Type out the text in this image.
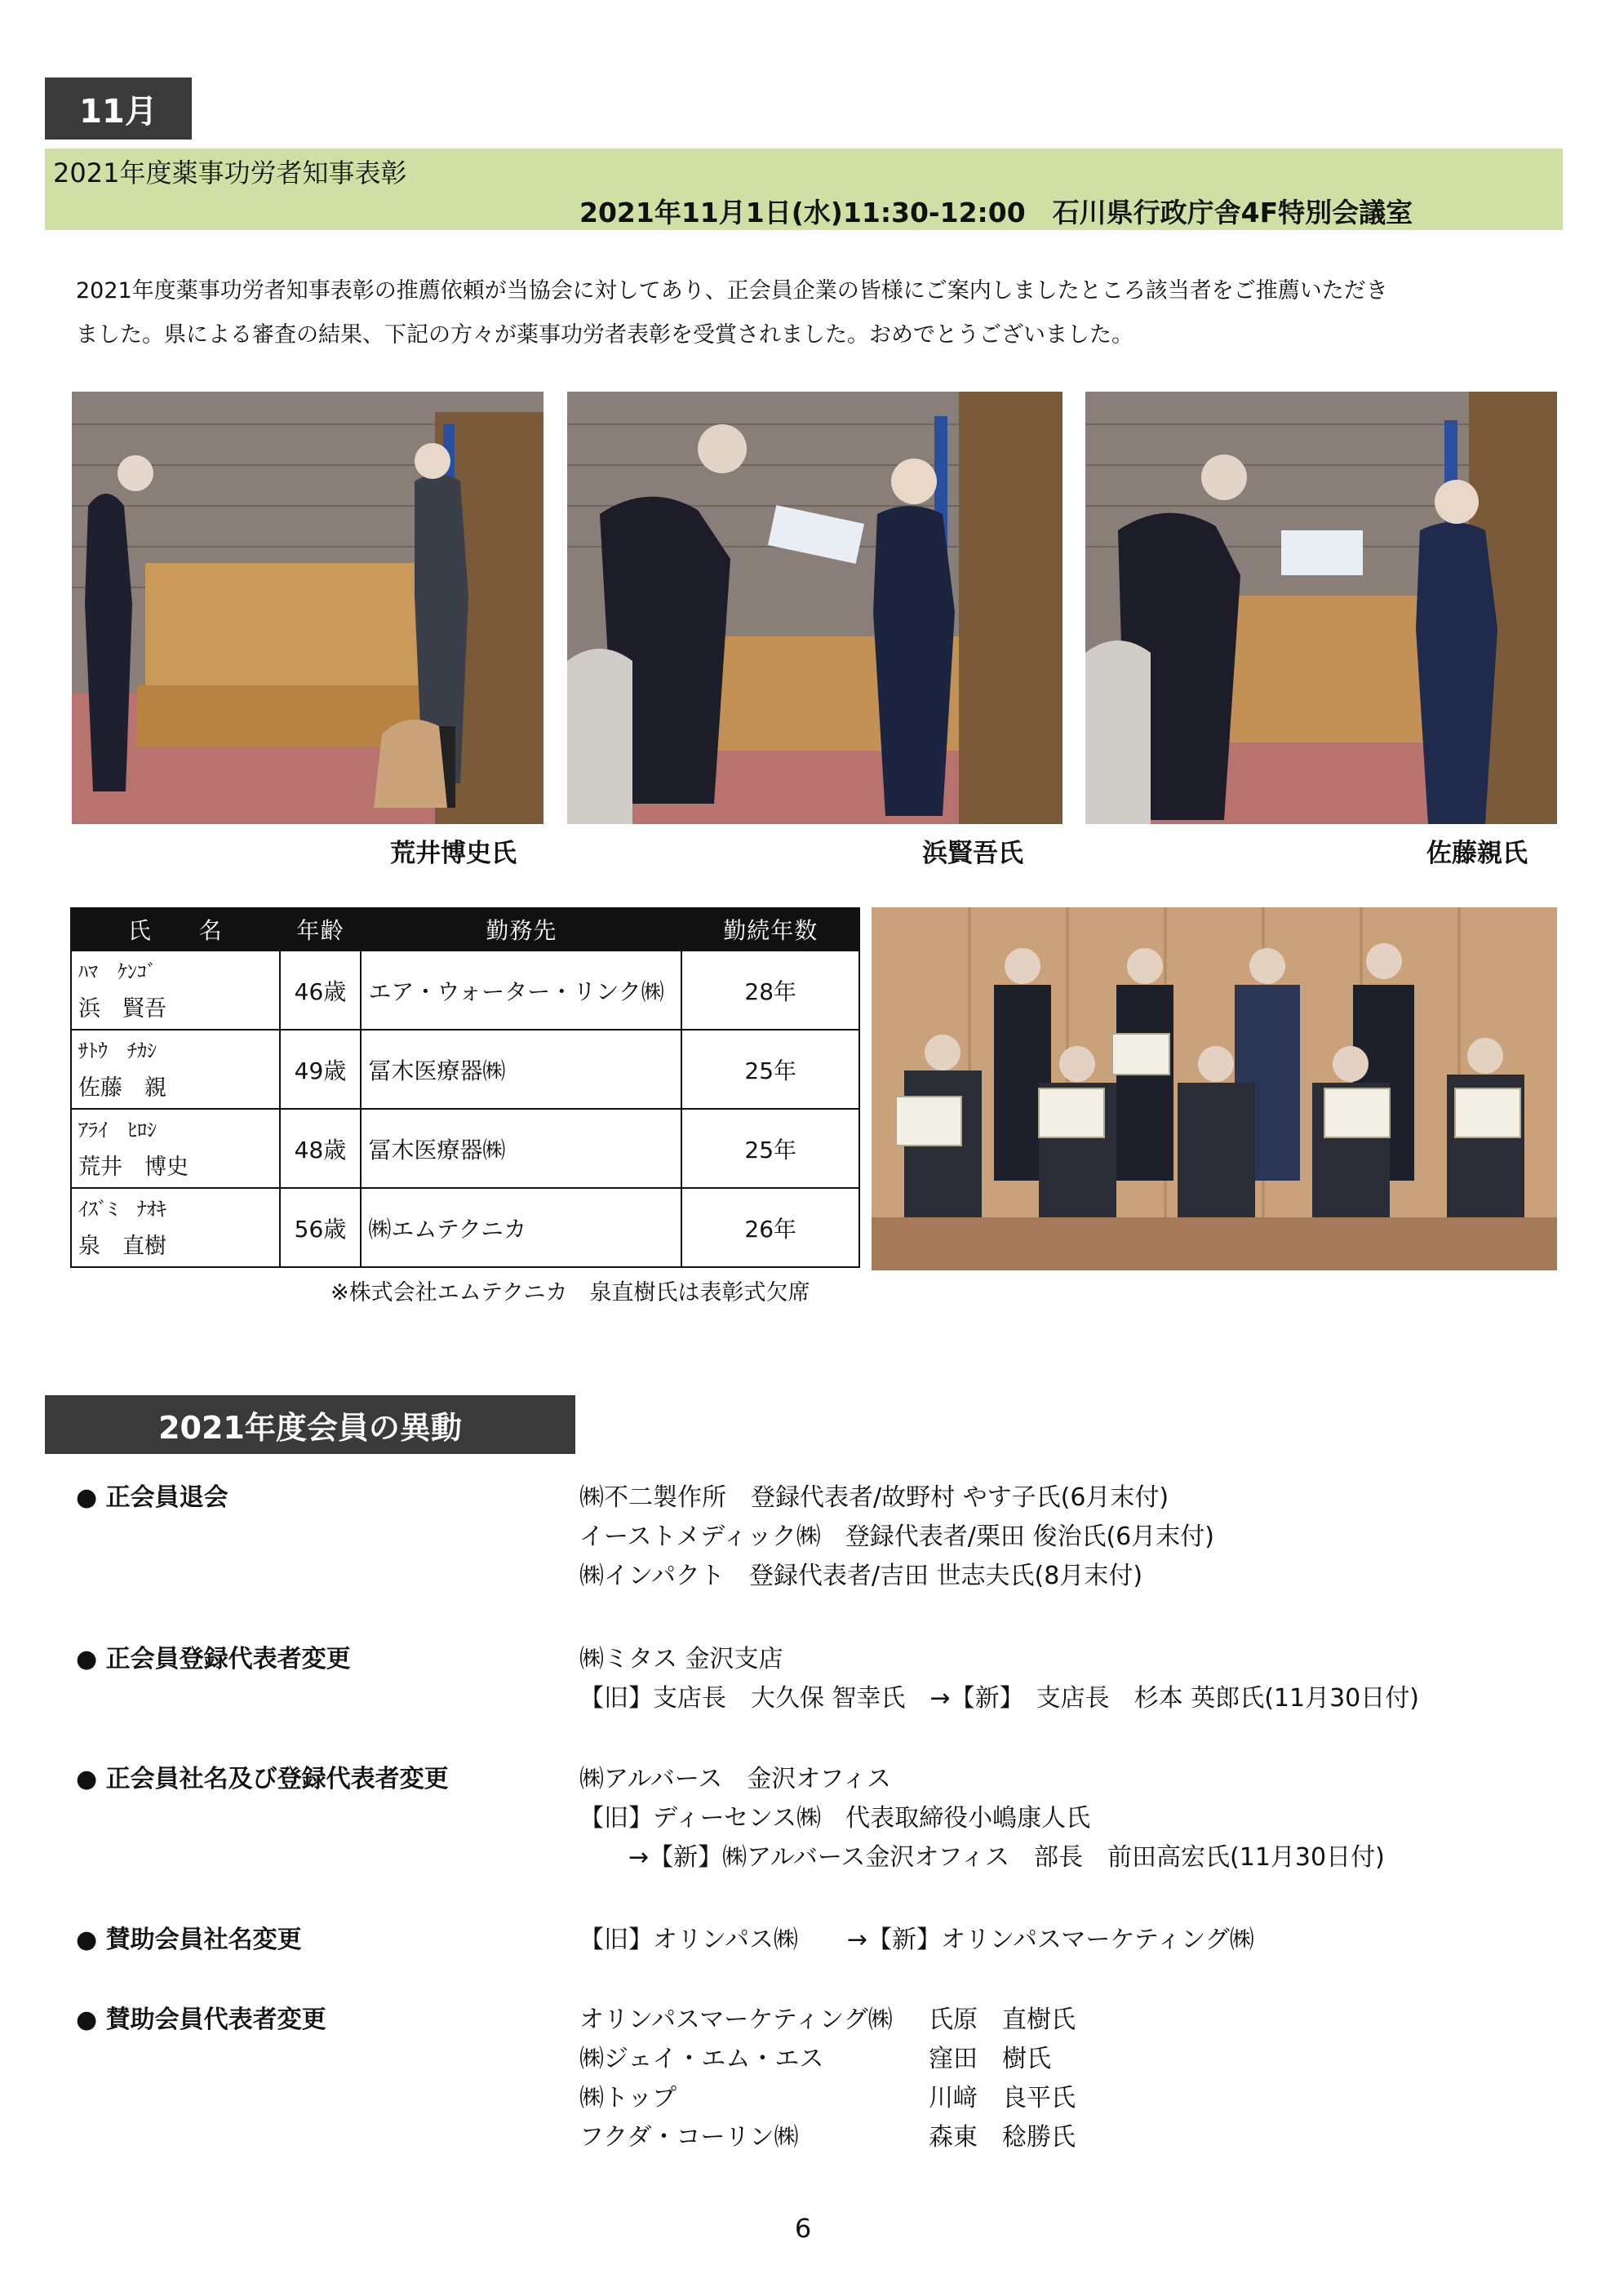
11月
2021年度薬事功労者知事表彰
2021年11月1日(水)11:30-12:00　石川県行政庁舎4F特別会議室
2021年度薬事功労者知事表彰の推薦依頼が当協会に対してあり、正会員企業の皆様にご案内しましたところ該当者をご推薦いただき
ました。県による審査の結果、下記の方々が薬事功労者表彰を受賞されました。おめでとうございました。
荒井博史氏	浜賢吾氏	佐藤親氏
氏　　名	年齢	勤務先	勤続年数

ﾊﾏ　ｹﾝｺﾞ
浜　賢吾	46歳	エア・ウォーター・リンク㈱	28年

ｻﾄｳ　ﾁｶｼ
佐藤　親	49歳	冨木医療器㈱	25年

ｱﾗｲ　ﾋﾛｼ
荒井　博史	48歳	冨木医療器㈱	25年

ｲｽﾞﾐ　ﾅｵｷ
泉　直樹	56歳	㈱エムテクニカ	26年
※株式会社エムテクニカ　泉直樹氏は表彰式欠席
2021年度会員の異動
● 正会員退会	㈱不二製作所　登録代表者/故野村 やす子氏(6月末付)
イーストメディック㈱　登録代表者/栗田 俊治氏(6月末付)
㈱インパクト　登録代表者/吉田 世志夫氏(8月末付)
● 正会員登録代表者変更	㈱ミタス 金沢支店
【旧】支店長　大久保 智幸氏　→【新】　支店長　杉本 英郎氏(11月30日付)
● 正会員社名及び登録代表者変更	㈱アルバース　金沢オフィス
【旧】ディーセンス㈱　代表取締役小嶋康人氏
　　→【新】㈱アルバース金沢オフィス　部長　前田高宏氏(11月30日付)
● 賛助会員社名変更	【旧】オリンパス㈱　　→【新】オリンパスマーケティング㈱
● 賛助会員代表者変更	オリンパスマーケティング㈱ 氏原　直樹氏
㈱ジェイ・エム・エス	窪田　樹氏
㈱トップ	川﨑　良平氏
フクダ・コーリン㈱	森東　稔勝氏
6
